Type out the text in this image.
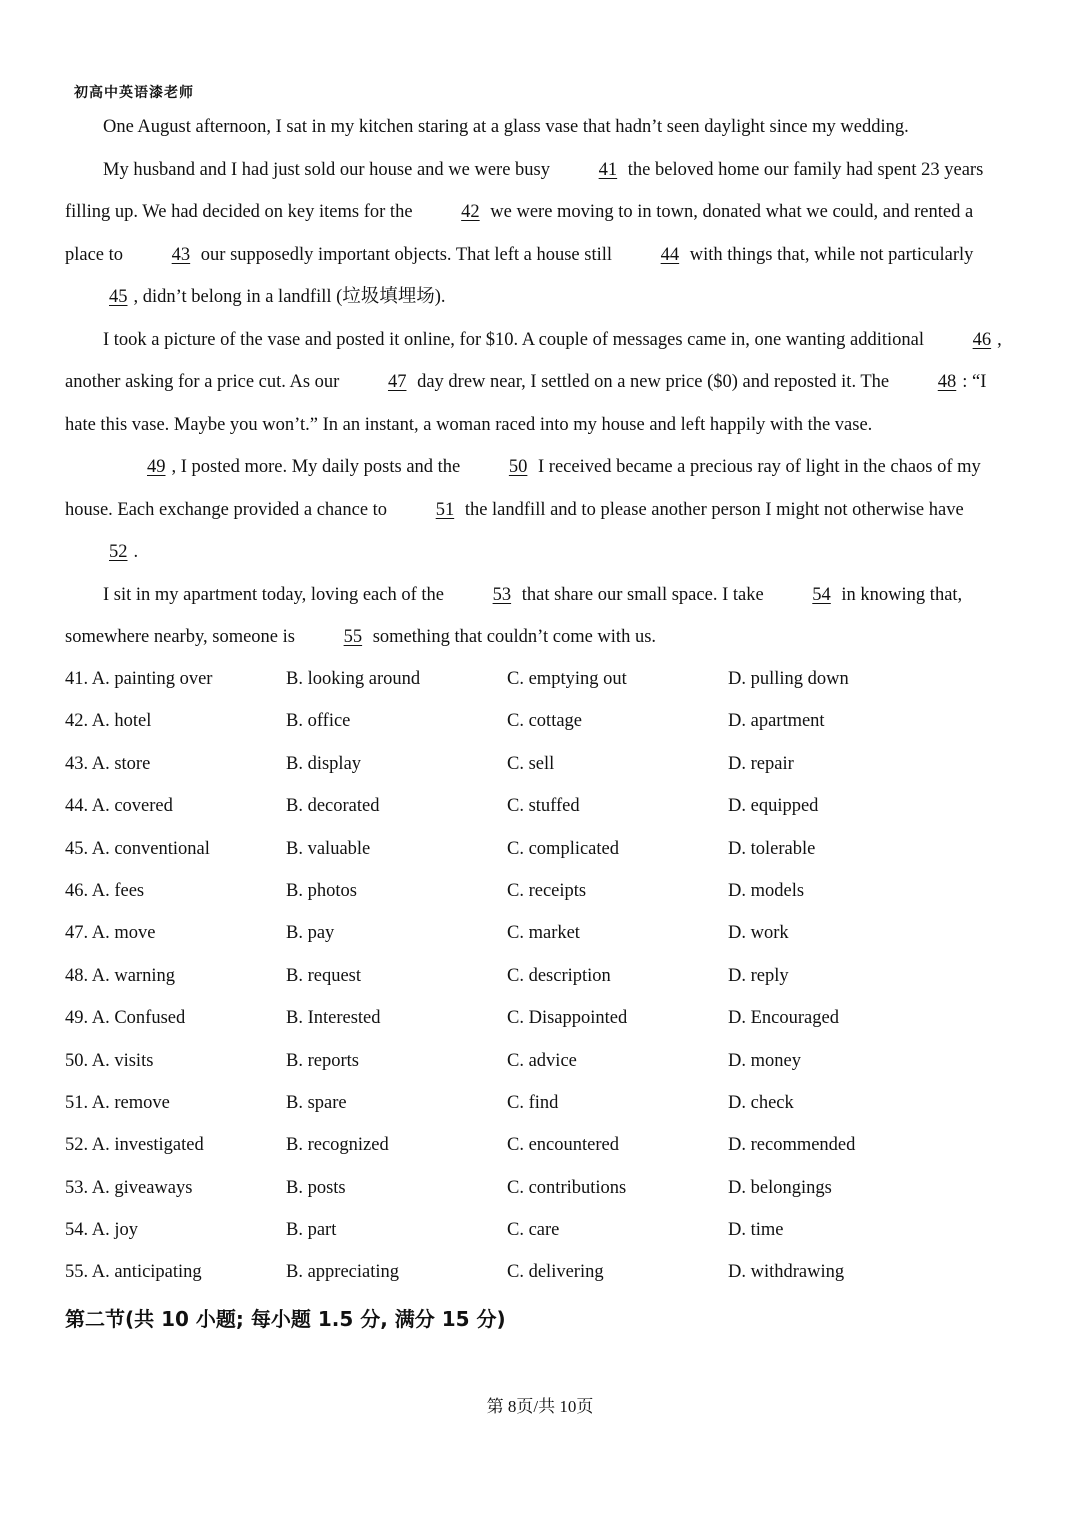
初高中英语漆老师

One August afternoon, I sat in my kitchen staring at a glass vase that hadn’t seen daylight since my wedding.

My husband and I had just sold our house and we were busy 41 the beloved home our family had spent 23 years filling up. We had decided on key items for the 42 we were moving to in town, donated what we could, and rented a place to 43 our supposedly important objects. That left a house still 44 with things that, while not particularly 45 , didn’t belong in a landfill (垃圾填埋场).

I took a picture of the vase and posted it online, for $10. A couple of messages came in, one wanting additional 46 , another asking for a price cut. As our 47 day drew near, I settled on a new price ($0) and reposted it. The 48 : “I hate this vase. Maybe you won’t.” In an instant, a woman raced into my house and left happily with the vase.

49 , I posted more. My daily posts and the 50 I received became a precious ray of light in the chaos of my house. Each exchange provided a chance to 51 the landfill and to please another person I might not otherwise have 52 .

I sit in my apartment today, loving each of the 53 that share our small space. I take 54 in knowing that, somewhere nearby, someone is 55 something that couldn’t come with us.

41. A. painting over	B. looking around	C. emptying out	D. pulling down
42. A. hotel	B. office	C. cottage	D. apartment
43. A. store	B. display	C. sell	D. repair
44. A. covered	B. decorated	C. stuffed	D. equipped
45. A. conventional	B. valuable	C. complicated	D. tolerable
46. A. fees	B. photos	C. receipts	D. models
47. A. move	B. pay	C. market	D. work
48. A. warning	B. request	C. description	D. reply
49. A. Confused	B. Interested	C. Disappointed	D. Encouraged
50. A. visits	B. reports	C. advice	D. money
51. A. remove	B. spare	C. find	D. check
52. A. investigated	B. recognized	C. encountered	D. recommended
53. A. giveaways	B. posts	C. contributions	D. belongings
54. A. joy	B. part	C. care	D. time
55. A. anticipating	B. appreciating	C. delivering	D. withdrawing
第二节(共 10 小题; 每小题 1.5 分, 满分 15 分)
第 8页/共 10页
